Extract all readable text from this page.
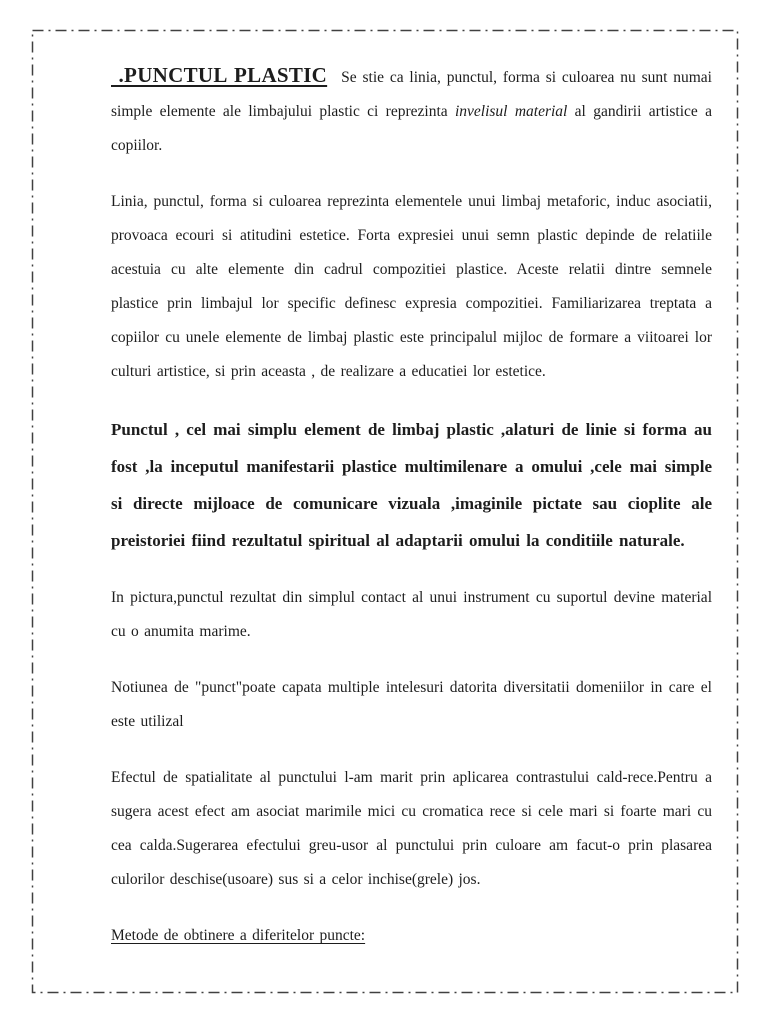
.PUNCTUL PLASTIC Se stie ca linia, punctul, forma si culoarea nu sunt numai simple elemente ale limbajului plastic ci reprezinta invelisul material al gandirii artistice a copiilor.

Linia, punctul, forma si culoarea reprezinta elementele unui limbaj metaforic, induc asociatii, provoaca ecouri si atitudini estetice. Forta expresiei unui semn plastic depinde de relatiile acestuia cu alte elemente din cadrul compozitiei plastice. Aceste relatii dintre semnele plastice prin limbajul lor specific definesc expresia compozitiei. Familiarizarea treptata a copiilor cu unele elemente de limbaj plastic este principalul mijloc de formare a viitoarei lor culturi artistice, si prin aceasta , de realizare a educatiei lor estetice.

Punctul , cel mai simplu element de limbaj plastic ,alaturi de linie si forma au fost ,la inceputul manifestarii plastice multimilenare a omului ,cele mai simple si directe mijloace de comunicare vizuala ,imaginile pictate sau cioplite ale preistoriei fiind rezultatul spiritual al adaptarii omului la conditiile naturale.

In pictura,punctul rezultat din simplul contact al unui instrument cu suportul devine material cu o anumita marime.

Notiunea de "punct"poate capata multiple intelesuri datorita diversitatii domeniilor in care el este utilizal

Efectul de spatialitate al punctului l-am marit prin aplicarea contrastului cald-rece.Pentru a sugera acest efect am asociat marimile mici cu cromatica rece si cele mari si foarte mari cu cea calda.Sugerarea efectului greu-usor al punctului prin culoare am facut-o prin plasarea culorilor deschise(usoare) sus si a celor inchise(grele) jos.

Metode de obtinere a diferitelor puncte:
